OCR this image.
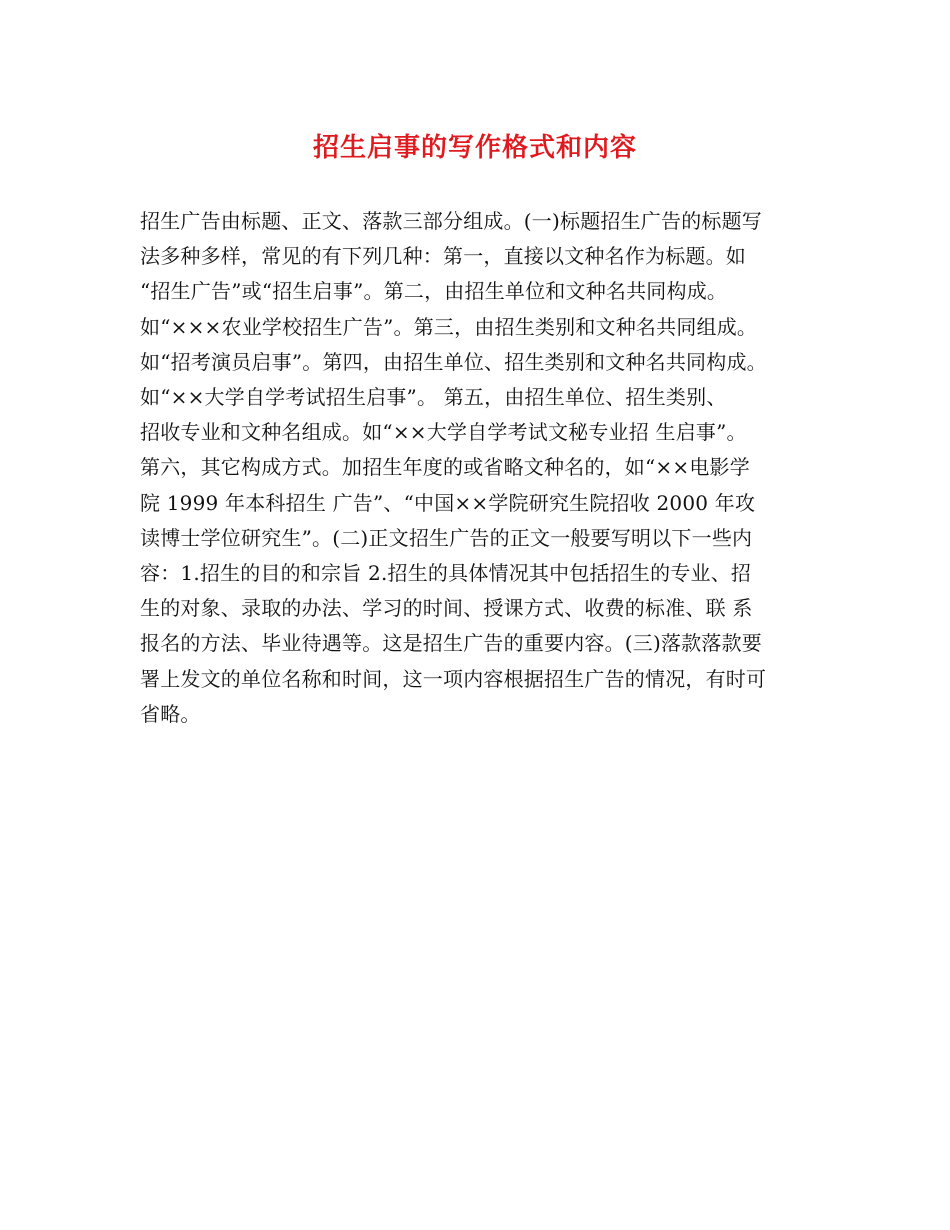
招生启事的写作格式和内容
招生广告由标题、正文、落款三部分组成。(一)标题招生广告的标题写
法多种多样，常见的有下列几种：第一，直接以文种名作为标题。如
“招生广告”或“招生启事”。第二，由招生单位和文种名共同构成。
如“×××农业学校招生广告”。第三，由招生类别和文种名共同组成。
如“招考演员启事”。第四，由招生单位、招生类别和文种名共同构成。
如“××大学自学考试招生启事”。 第五，由招生单位、招生类别、
招收专业和文种名组成。如“××大学自学考试文秘专业招 生启事”。
第六，其它构成方式。加招生年度的或省略文种名的，如“××电影学
院 1999 年本科招生 广告”、“中国××学院研究生院招收 2000 年攻
读博士学位研究生”。(二)正文招生广告的正文一般要写明以下一些内
容：1.招生的目的和宗旨 2.招生的具体情况其中包括招生的专业、招
生的对象、录取的办法、学习的时间、授课方式、收费的标准、联 系
报名的方法、毕业待遇等。这是招生广告的重要内容。(三)落款落款要
署上发文的单位名称和时间，这一项内容根据招生广告的情况，有时可
省略。
